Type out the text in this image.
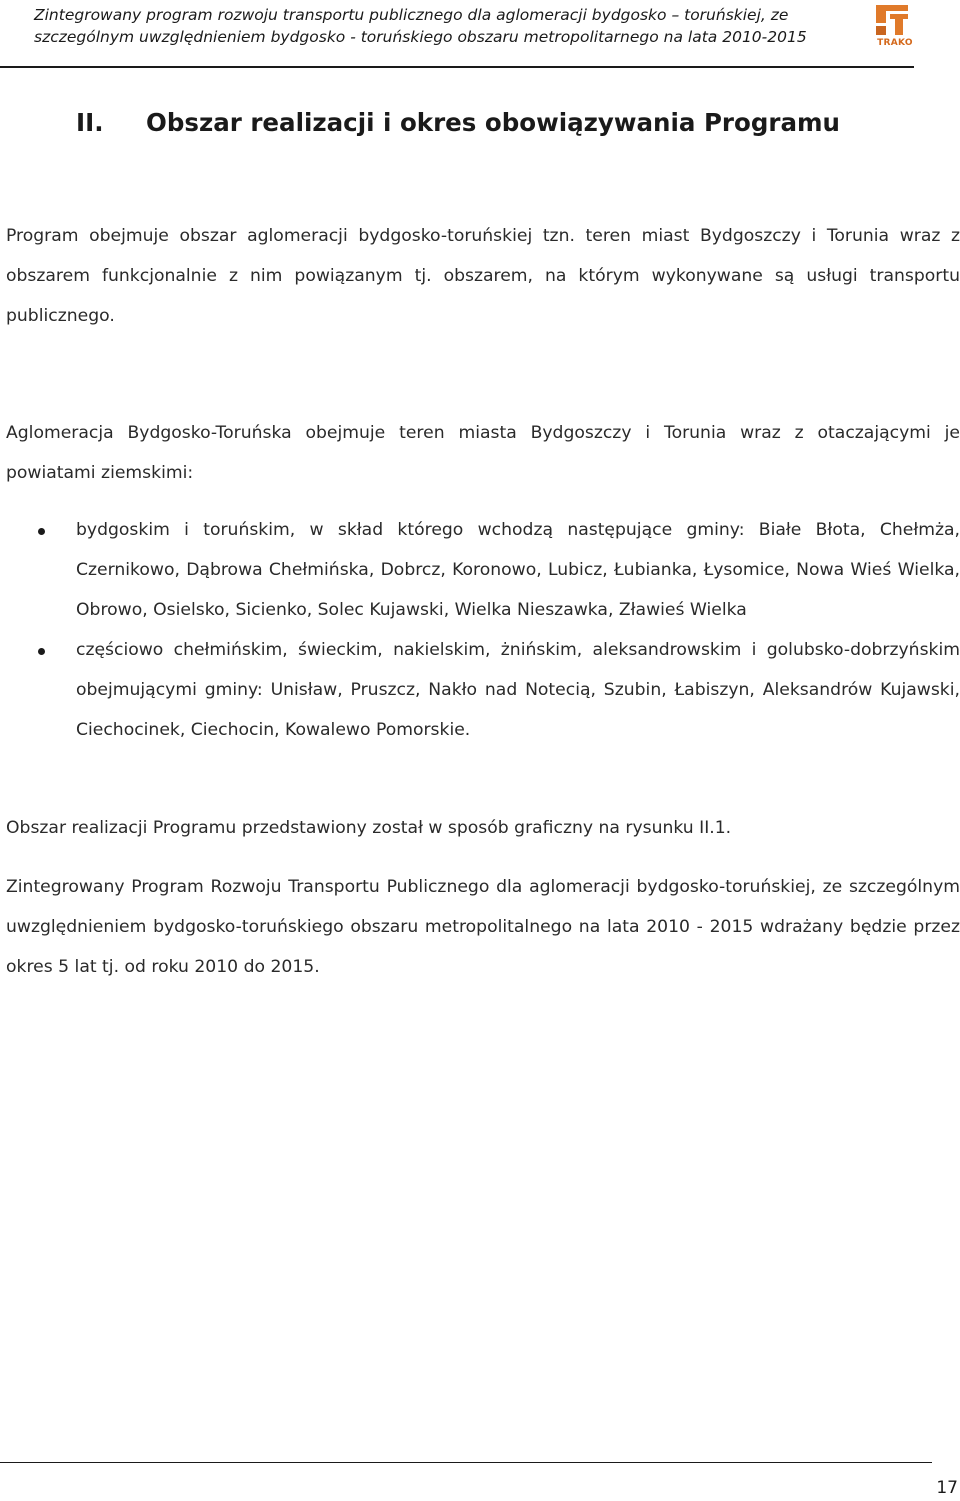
Zintegrowany program rozwoju transportu publicznego dla aglomeracji bydgosko – toruńskiej, ze
szczególnym uwzględnieniem bydgosko - toruńskiego obszaru metropolitarnego na lata 2010-2015	TRAKO
II. Obszar realizacji i okres obowiązywania Programu
Program obejmuje obszar aglomeracji bydgosko-toruńskiej tzn. teren miast Bydgoszczy i Torunia wraz z obszarem funkcjonalnie z nim powiązanym tj. obszarem, na którym wykonywane są usługi transportu publicznego.
Aglomeracja Bydgosko-Toruńska obejmuje teren miasta Bydgoszczy i Torunia wraz z otaczającymi je powiatami ziemskimi:
bydgoskim i toruńskim, w skład którego wchodzą następujące gminy: Białe Błota, Chełmża, Czernikowo, Dąbrowa Chełmińska, Dobrcz, Koronowo, Lubicz, Łubianka, Łysomice, Nowa Wieś Wielka, Obrowo, Osielsko, Sicienko, Solec Kujawski, Wielka Nieszawka, Zławieś Wielka
częściowo chełmińskim, świeckim, nakielskim, żnińskim, aleksandrowskim i golubsko-dobrzyńskim obejmującymi gminy: Unisław, Pruszcz, Nakło nad Notecią, Szubin, Łabiszyn, Aleksandrów Kujawski, Ciechocinek, Ciechocin, Kowalewo Pomorskie.
Obszar realizacji Programu przedstawiony został w sposób graficzny na rysunku II.1.
Zintegrowany Program Rozwoju Transportu Publicznego dla aglomeracji bydgosko-toruńskiej, ze szczególnym uwzględnieniem bydgosko-toruńskiego obszaru metropolitalnego na lata 2010 - 2015 wdrażany będzie przez okres 5 lat tj. od roku 2010 do 2015.
17
